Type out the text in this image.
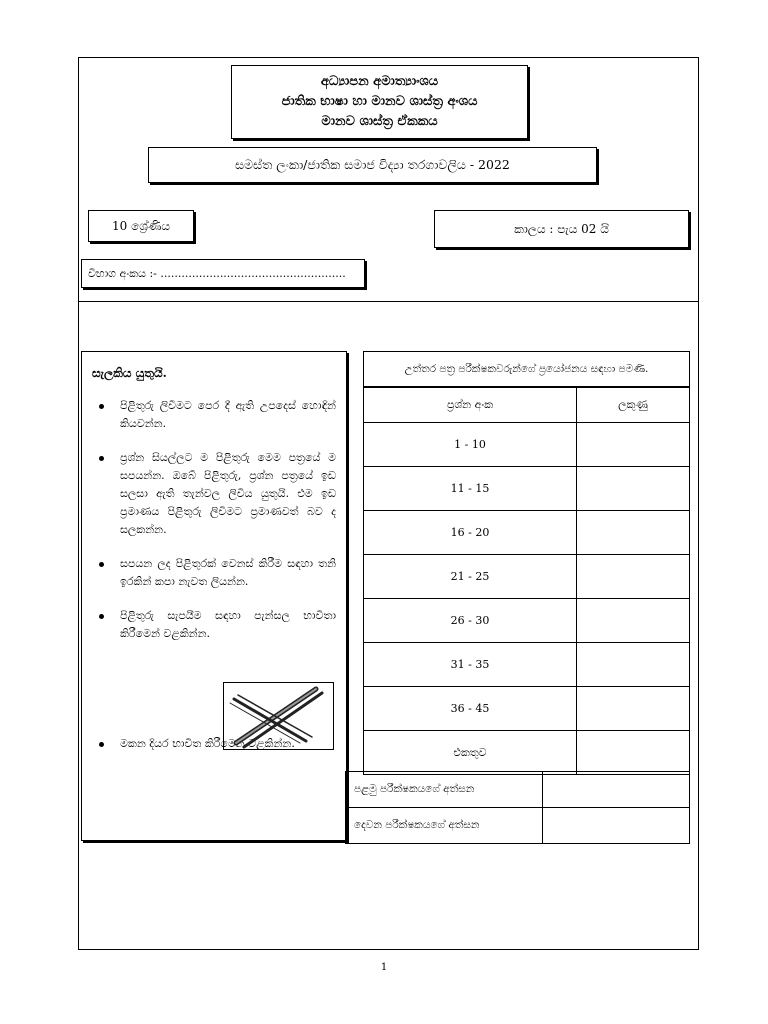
අධ්‍යාපන අමාත්‍යාංශය
ජාතික භාෂා හා මානව ශාස්ත්‍ර අංශය
මානව ශාස්ත්‍ර ඒකකය
සමස්ත ලංකා/ජාතික සමාජ විද්‍යා තරගාවලිය - 2022
10 ශ්‍රේණිය	කාලය : පැය 02 යි
විභාග අංකය :- .....................................................
සැලකිය යුතුයි.
පිළිතුරු ලිවීමට පෙර දී ඇති උපදෙස් හොඳින් කියවන්න.
ප්‍රශ්න සියල්ලට ම පිළිතුරු මෙම පත්‍රයේ ම සපයන්න. ඔබේ පිළිතුරු, ප්‍රශ්න පත්‍රයේ ඉඩ සලසා ඇති තැන්වල ලිවිය යුතුයි. එම ඉඩ ප්‍රමාණය පිළිතුරු ලිවීමට ප්‍රමාණවත් බව ද සලකන්න.
සපයන ලද පිළිතුරක් වෙනස් කිරීම සඳහා තනි ඉරකින් කපා නැවත ලියන්න.
පිළිතුරු සැපයීම සඳහා පැන්සල භාවිතා කිරීමෙන් වළකින්න.
මකන දියර භාවිත කිරීමෙන් වළකින්න.
උත්තර පත්‍ර පරීක්ෂකවරුන්ගේ ප්‍රයෝජනය සඳහා පමණි.
ප්‍රශ්න අංක	ලකුණු
1 - 10	
11 - 15	
16 - 20	
21 - 25	
26 - 30	
31 - 35	
36 - 45	
එකතුව	
පළමු පරීක්ෂකයගේ අත්සන	
දෙවන පරීක්ෂකයගේ අත්සන	
1
